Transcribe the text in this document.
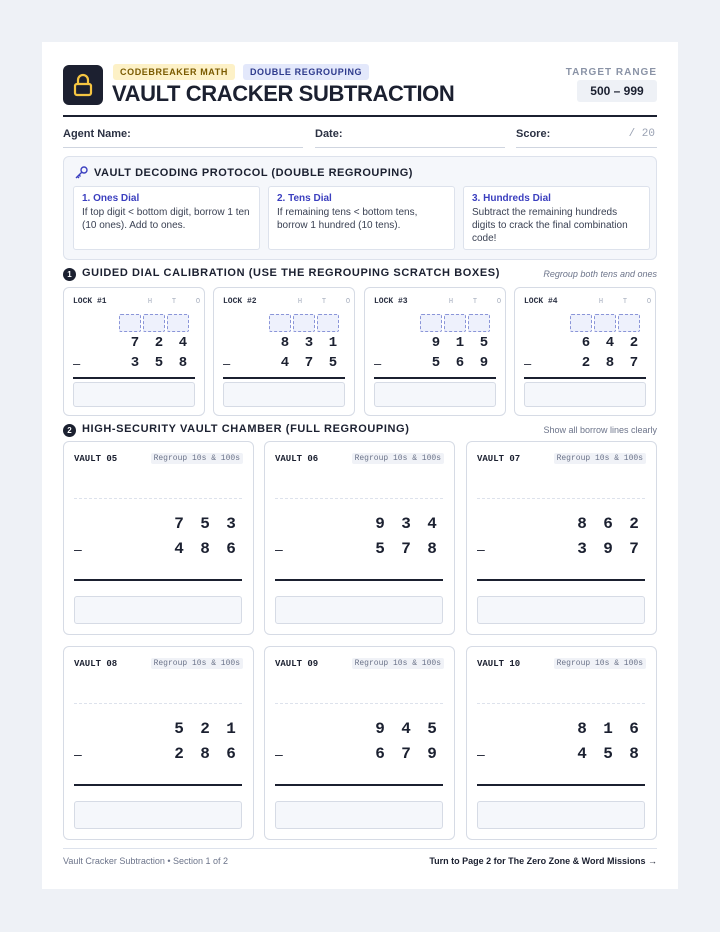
CODEBREAKER MATH	DOUBLE REGROUPING
VAULT CRACKER SUBTRACTION
TARGET RANGE
500 – 999
Agent Name:	Date:	Score:	/ 20
VAULT DECODING PROTOCOL (DOUBLE REGROUPING)
1. Ones Dial
If top digit < bottom digit, borrow 1 ten (10 ones). Add to ones.
2. Tens Dial
If remaining tens < bottom tens, borrow 1 hundred (10 tens).
3. Hundreds Dial
Subtract the remaining hundreds digits to crack the final combination code!
1 GUIDED DIAL CALIBRATION (USE THE REGROUPING SCRATCH BOXES)	Regroup both tens and ones
LOCK #1	H	T	O
7 2 4
–	3 5 8
LOCK #2	H	T	O
8 3 1
–	4 7 5
LOCK #3	H	T	O
9 1 5
–	5 6 9
LOCK #4	H	T	O
6 4 2
–	2 8 7
2 HIGH-SECURITY VAULT CHAMBER (FULL REGROUPING)	Show all borrow lines clearly
VAULT 05	Regroup 10s & 100s
7 5 3
–	4 8 6
VAULT 06	Regroup 10s & 100s
9 3 4
–	5 7 8
VAULT 07	Regroup 10s & 100s
8 6 2
–	3 9 7
VAULT 08	Regroup 10s & 100s
5 2 1
–	2 8 6
VAULT 09	Regroup 10s & 100s
9 4 5
–	6 7 9
VAULT 10	Regroup 10s & 100s
8 1 6
–	4 5 8
Vault Cracker Subtraction • Section 1 of 2	Turn to Page 2 for The Zero Zone & Word Missions →
